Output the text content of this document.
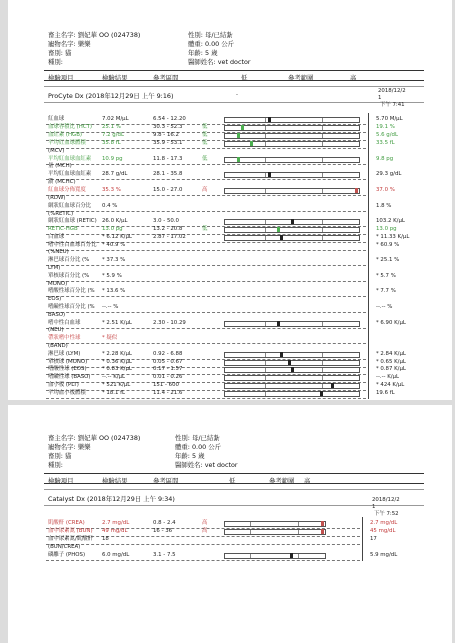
畜主名字: 劉妃華 OO (024738)
寵物名字: 樂樂
畜別: 貓
種別:
性別: 母/已結紮
體重: 0.00 公斤
年齡: 5 歲
醫師姓名: vet doctor
檢驗項目	檢驗結果	參考區間	低	參考範圍	高
ProCyte Dx (2018年12月29日 上午 9:16)	-
2018/12/2
1
下午 7:41
紅血球	7.02 M/μL	6.54 - 12.20	5.70 M/μL
血球容積比 (HCT) 25.1 %	30.3 - 52.3	低	19.1 %
血紅素 (HGB)	7.2 g/dL	9.8 - 16.2	低	5.6 g/dL
平均紅血球體積	35.8 fL	35.9 - 53.1	低	33.5 fL
(MCV)
平均紅血球血紅素 10.9 pg	11.8 - 17.3	低	9.8 pg
量 (MCH)
平均紅血球血紅素 28.7 g/dL	28.1 - 35.8	29.3 g/dL
濃 (MCHC)
紅血球分佈寬度	35.3 %	15.0 - 27.0	高	37.0 %
(RDW)
網狀紅血球百分比 0.4 %	1.8 %
(%RETIC)
網狀紅血球 (RETIC) 26.0 K/μL	3.0 - 50.0	103.2 K/μL
RETIC-HGB	13.0 pg	13.2 - 20.8	低	13.0 pg
白血球	* 6.12 K/μL	2.87 - 17.02	* 11.33 K/μL
嗜中性白血球百分比 * 40.9 %	* 60.9 %
(%NEU)
淋巴球百分比 (% * 37.3 %	* 25.1 %
LYM)
單核球百分比 (% * 5.9 %	* 5.7 %
MONO)
嗜酸性球百分比 (% * 13.6 %	* 7.7 %
EOS)
嗜鹼性球百分比 (% --.-- %	--.-- %
BASO)
嗜中性白血球	* 2.51 K/μL	2.30 - 10.29	* 6.90 K/μL
(NEU)
帶狀嗜中性球	* 疑似
(BAND)
淋巴球 (LYM)	* 2.28 K/μL	0.92 - 6.88	* 2.84 K/μL
單核球 (MONO)	* 0.36 K/μL	0.05 - 0.67	* 0.65 K/μL
嗜酸性球 (EOS)	* 0.83 K/μL	0.17 - 1.57	* 0.87 K/μL
嗜鹼性球 (BASO) --.-- K/μL	0.01 - 0.26	--.-- K/μL
血小板 (PLT)	* 521 K/μL	151 - 600	* 424 K/μL
平均血小板體積	* 18.1 fL	11.4 - 21.6	19.6 fL
畜主名字: 劉妃華 OO (024738)
寵物名字: 樂樂
畜別: 貓
種別:
性別: 母/已結紮
體重: 0.00 公斤
年齡: 5 歲
醫師姓名: vet doctor
檢驗項目	檢驗結果	參考區間	低	參考範圍 高
Catalyst Dx (2018年12月29日 上午 9:34)	2018/12/2
1
下午 7:52
肌酸酐 (CREA)	2.7 mg/dL	0.8 - 2.4	高	2.7 mg/dL
血中尿素氮 (BUN) 49 mg/dL	16 - 36	高	45 mg/dL
血中尿素氮/肌酸酐 18	17
(BUN/CREA)
磷離子 (PHOS)	6.0 mg/dL	3.1 - 7.5	5.9 mg/dL
